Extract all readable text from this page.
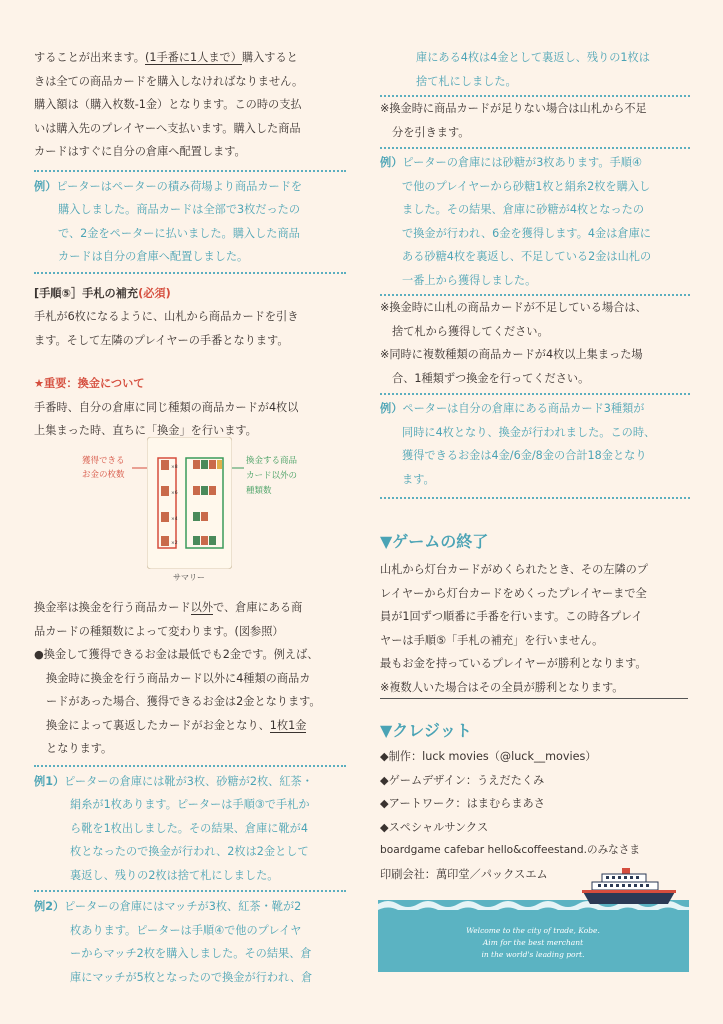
することが出来ます。(1手番に1人まで）購入すると

きは全ての商品カードを購入しなければなりません。

購入額は（購入枚数-1金）となります。この時の支払

いは購入先のプレイヤーへ支払います。購入した商品

カードはすぐに自分の倉庫へ配置します。

例）ピーターはペーターの積み荷場より商品カードを

購入しました。商品カードは全部で3枚だったの

で、2金をペーターに払いました。購入した商品

カードは自分の倉庫へ配置しました。

[手順⑤］手札の補充(必須)

手札が6枚になるように、山札から商品カードを引き

ます。そして左隣のプレイヤーの手番となります。

★重要：換金について

手番時、自分の倉庫に同じ種類の商品カードが4枚以

上集まった時、直ちに「換金」を行います。

獲得できる
お金の枚数
×8
×6
×4
×2
換金する商品
カード以外の
種類数
サマリー

換金率は換金を行う商品カード以外で、倉庫にある商

品カードの種類数によって変わります。(図参照）

●換金して獲得できるお金は最低でも2金です。例えば、

換金時に換金を行う商品カード以外に4種類の商品カ

ードがあった場合、獲得できるお金は2金となります。

換金によって裏返したカードがお金となり、1枚1金

となります。

例1）ピーターの倉庫には靴が3枚、砂糖が2枚、紅茶・

絹糸が1枚あります。ピーターは手順③で手札か

ら靴を1枚出しました。その結果、倉庫に靴が4

枚となったので換金が行われ、2枚は2金として

裏返し、残りの2枚は捨て札にしました。

例2）ピーターの倉庫にはマッチが3枚、紅茶・靴が2

枚あります。ピーターは手順④で他のプレイヤ

ーからマッチ2枚を購入しました。その結果、倉

庫にマッチが5枚となったので換金が行われ、倉

庫にある4枚は4金として裏返し、残りの1枚は

捨て札にしました。

※換金時に商品カードが足りない場合は山札から不足

分を引きます。

例）ピーターの倉庫には砂糖が3枚あります。手順④

で他のプレイヤーから砂糖1枚と絹糸2枚を購入し

ました。その結果、倉庫に砂糖が4枚となったの

で換金が行われ、6金を獲得します。4金は倉庫に

ある砂糖4枚を裏返し、不足している2金は山札の

一番上から獲得しました。

※換金時に山札の商品カードが不足している場合は、

捨て札から獲得してください。

※同時に複数種類の商品カードが4枚以上集まった場

合、1種類ずつ換金を行ってください。

例）ペーターは自分の倉庫にある商品カード3種類が

同時に4枚となり、換金が行われました。この時、

獲得できるお金は4金/6金/8金の合計18金となり

ます。

▼ゲームの終了

山札から灯台カードがめくられたとき、その左隣のプ

レイヤーから灯台カードをめくったプレイヤーまで全

員が1回ずつ順番に手番を行います。この時各プレイ

ヤーは手順⑤「手札の補充」を行いません。

最もお金を持っているプレイヤーが勝利となります。

※複数人いた場合はその全員が勝利となります。

▼クレジット

◆制作：luck movies（@luck__movies）

◆ゲームデザイン：うえだたくみ

◆アートワーク：はまむらまあさ

◆スペシャルサンクス

boardgame cafebar hello&coffeestand.のみなさま

印刷会社：萬印堂／パックスエム

Welcome to the city of trade, Kobe.
Aim for the best merchant
in the world's leading port.
